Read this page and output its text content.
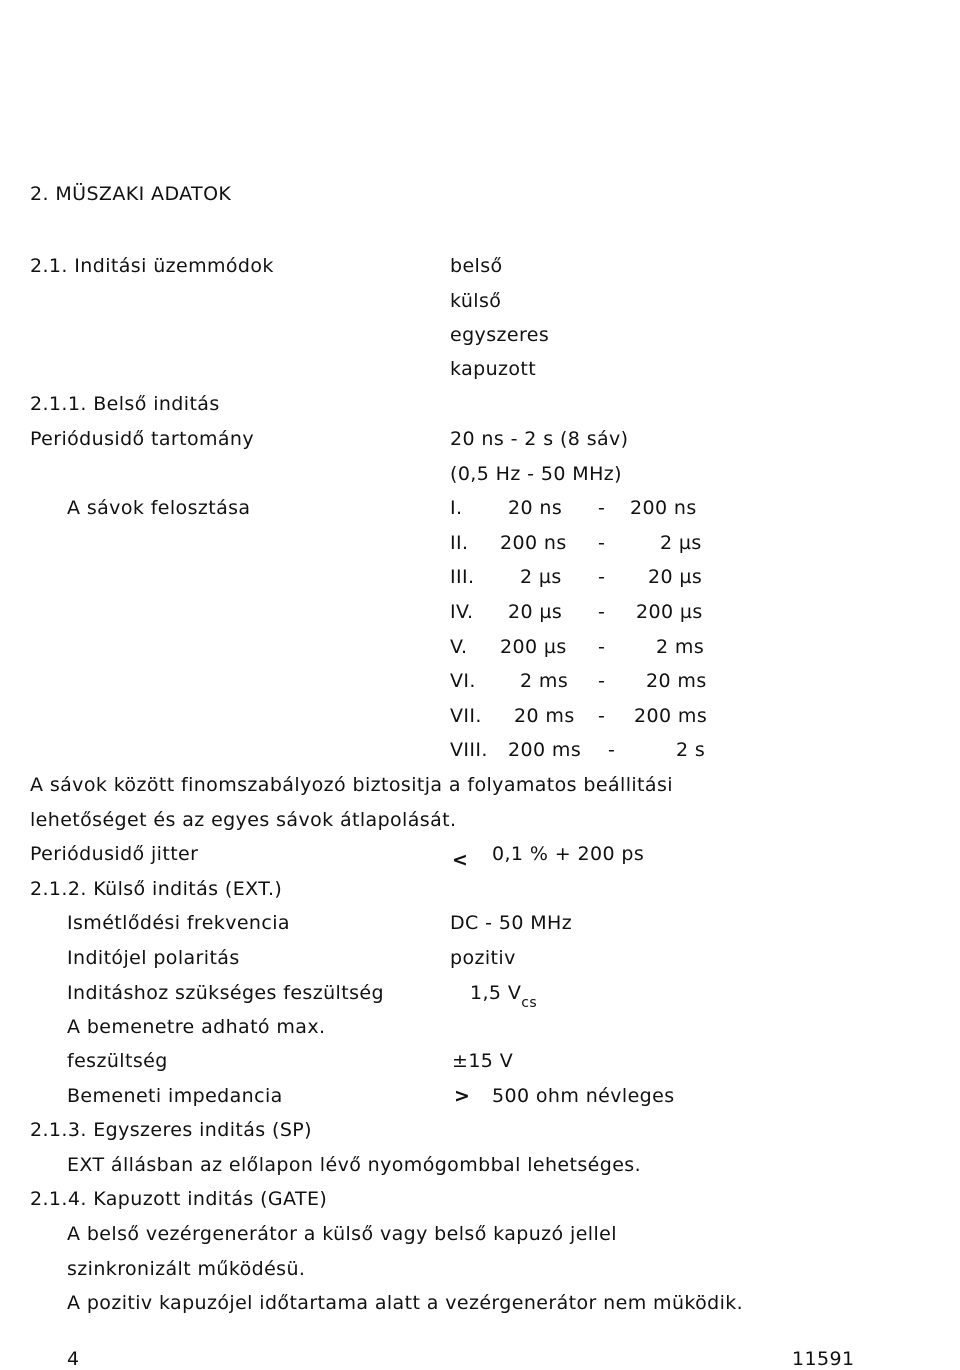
2. MÜSZAKI ADATOK
2.1. Inditási üzemmódok	belső
külső
egyszeres
kapuzott
2.1.1. Belső inditás
Periódusidő tartomány	20 ns - 2 s (8 sáv)
(0,5 Hz - 50 MHz)
A sávok felosztása	I. 20 ns - 200 ns
II. 200 ns -	2 µs
III. 2 µs - 20 µs
IV. 20 µs - 200 µs
V. 200 µs -	2 ms
VI. 2 ms - 20 ms
VII. 20 ms - 200 ms
VIII. 200 ms -	2 s
A sávok között finomszabályozó biztositja a folyamatos beállitási
lehetőséget és az egyes sávok átlapolását.
Periódusidő jitter	< 0,1 % + 200 ps
2.1.2. Külső inditás (EXT.)
Ismétlődési frekvencia	DC - 50 MHz
Inditójel polaritás	pozitiv
Inditáshoz szükséges feszültség	1,5 $V_{cs}$
A bemenetre adható max.
feszültség	±15 V
Bemeneti impedancia	> 500 ohm névleges
2.1.3. Egyszeres inditás (SP)
EXT állásban az előlapon lévő nyomógombbal lehetséges.
2.1.4. Kapuzott inditás (GATE)
A belső vezérgenerátor a külső vagy belső kapuzó jellel
szinkronizált működésü.
A pozitiv kapuzójel időtartama alatt a vezérgenerátor nem müködik.
4	11591
